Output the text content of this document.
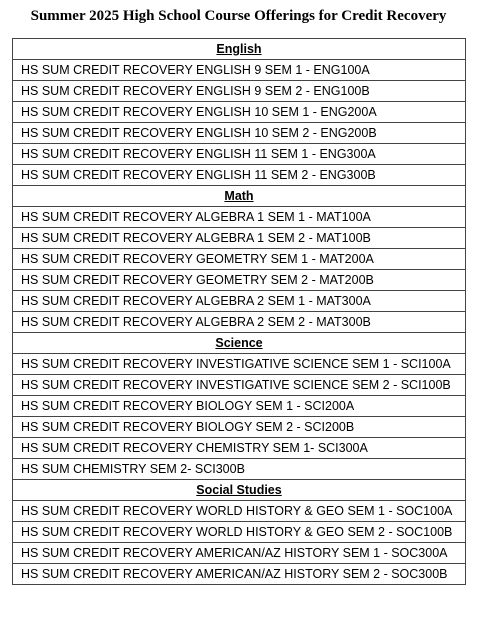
Summer 2025 High School Course Offerings for Credit Recovery
English
HS SUM CREDIT RECOVERY ENGLISH 9 SEM 1 - ENG100A
HS SUM CREDIT RECOVERY ENGLISH 9 SEM 2 - ENG100B
HS SUM CREDIT RECOVERY ENGLISH 10 SEM 1 - ENG200A
HS SUM CREDIT RECOVERY ENGLISH 10 SEM 2 - ENG200B
HS SUM CREDIT RECOVERY ENGLISH 11 SEM 1 - ENG300A
HS SUM CREDIT RECOVERY ENGLISH 11 SEM 2 - ENG300B
Math
HS SUM CREDIT RECOVERY ALGEBRA 1 SEM 1 - MAT100A
HS SUM CREDIT RECOVERY ALGEBRA 1 SEM 2 - MAT100B
HS SUM CREDIT RECOVERY GEOMETRY SEM 1 - MAT200A
HS SUM CREDIT RECOVERY GEOMETRY SEM 2 - MAT200B
HS SUM CREDIT RECOVERY ALGEBRA 2 SEM 1 - MAT300A
HS SUM CREDIT RECOVERY ALGEBRA 2 SEM 2 - MAT300B
Science
HS SUM CREDIT RECOVERY INVESTIGATIVE SCIENCE SEM 1 - SCI100A
HS SUM CREDIT RECOVERY INVESTIGATIVE SCIENCE SEM 2 - SCI100B
HS SUM CREDIT RECOVERY BIOLOGY SEM 1 - SCI200A
HS SUM CREDIT RECOVERY BIOLOGY SEM 2 - SCI200B
HS SUM CREDIT RECOVERY CHEMISTRY SEM 1- SCI300A
HS SUM CHEMISTRY SEM 2- SCI300B
Social Studies
HS SUM CREDIT RECOVERY WORLD HISTORY & GEO SEM 1 - SOC100A
HS SUM CREDIT RECOVERY WORLD HISTORY & GEO SEM 2 - SOC100B
HS SUM CREDIT RECOVERY AMERICAN/AZ HISTORY SEM 1 - SOC300A
HS SUM CREDIT RECOVERY AMERICAN/AZ HISTORY SEM 2 - SOC300B
